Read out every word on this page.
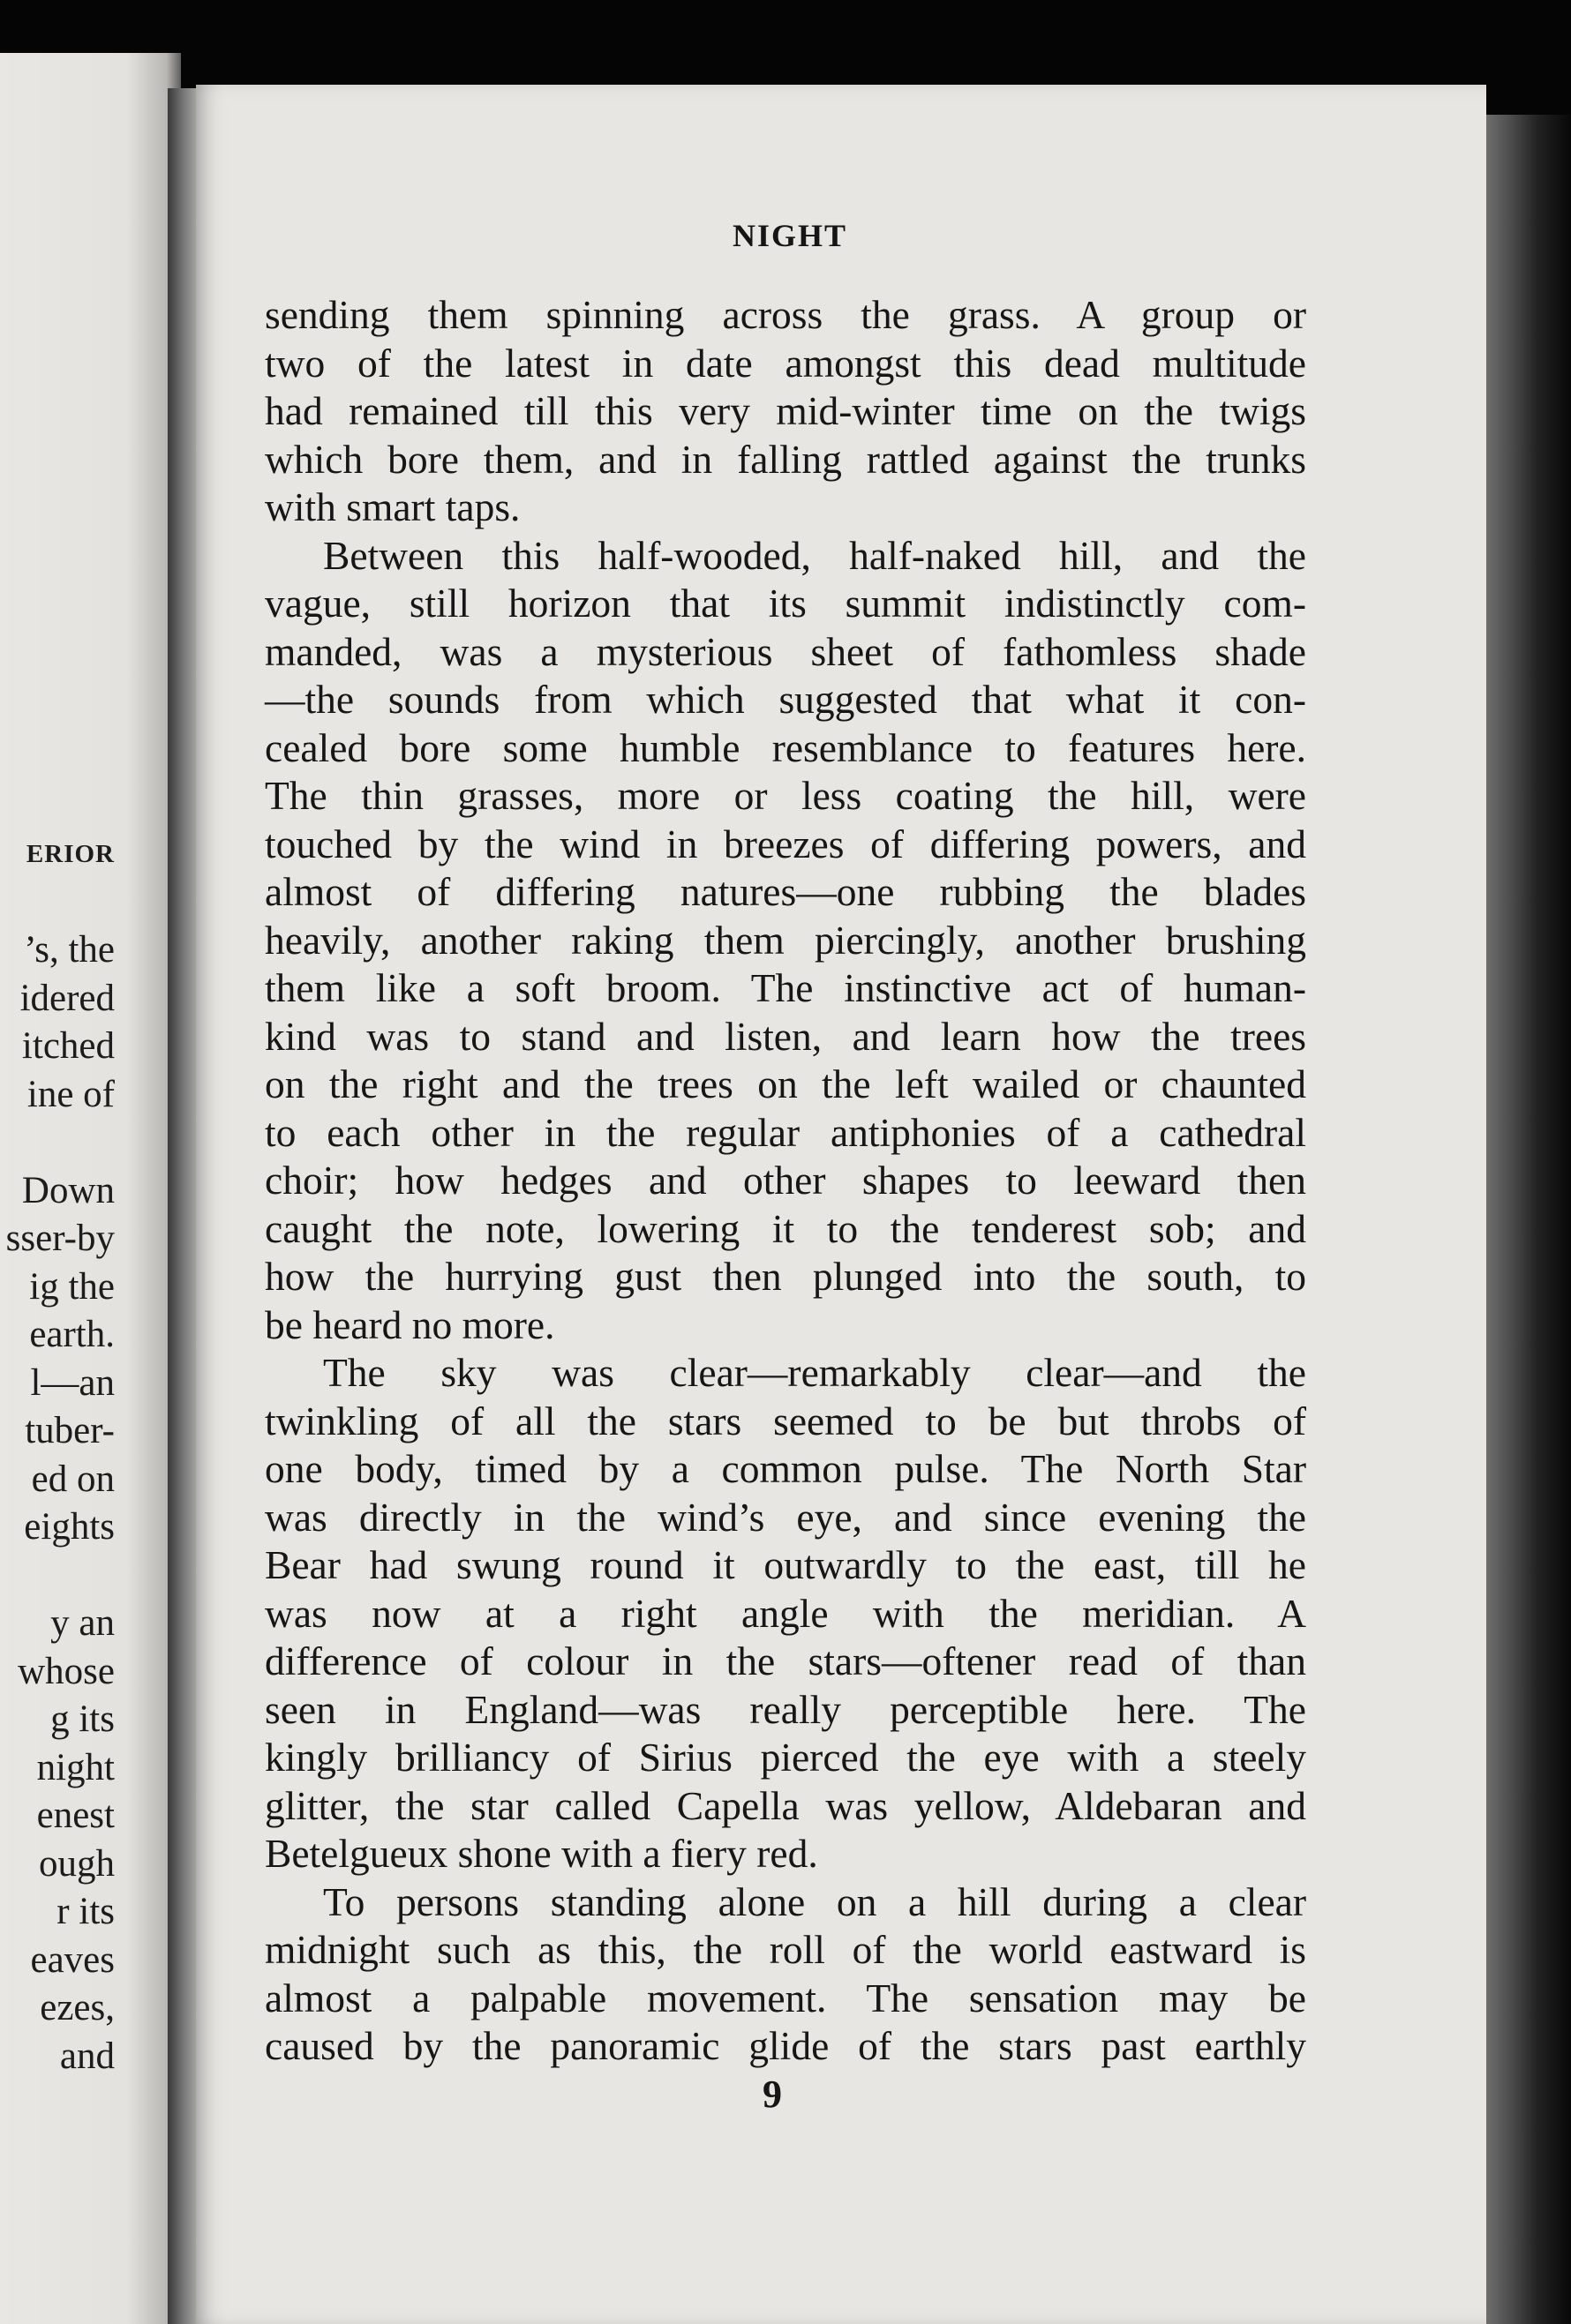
ERIOR
’s, the
idered
itched
ine of
Down
sser-by
ig the
earth.
l—an
tuber-
ed on
eights
y an
whose
g its
night
enest
ough
r its
eaves
ezes,
and
NIGHT
sending them spinning across the grass. A group or
two of the latest in date amongst this dead multitude
had remained till this very mid-winter time on the twigs
which bore them, and in falling rattled against the trunks
with smart taps.
Between this half-wooded, half-naked hill, and the
vague, still horizon that its summit indistinctly com-
manded, was a mysterious sheet of fathomless shade
—the sounds from which suggested that what it con-
cealed bore some humble resemblance to features here.
The thin grasses, more or less coating the hill, were
touched by the wind in breezes of differing powers, and
almost of differing natures—one rubbing the blades
heavily, another raking them piercingly, another brushing
them like a soft broom. The instinctive act of human-
kind was to stand and listen, and learn how the trees
on the right and the trees on the left wailed or chaunted
to each other in the regular antiphonies of a cathedral
choir; how hedges and other shapes to leeward then
caught the note, lowering it to the tenderest sob; and
how the hurrying gust then plunged into the south, to
be heard no more.
The sky was clear—remarkably clear—and the
twinkling of all the stars seemed to be but throbs of
one body, timed by a common pulse. The North Star
was directly in the wind’s eye, and since evening the
Bear had swung round it outwardly to the east, till he
was now at a right angle with the meridian. A
difference of colour in the stars—oftener read of than
seen in England—was really perceptible here. The
kingly brilliancy of Sirius pierced the eye with a steely
glitter, the star called Capella was yellow, Aldebaran and
Betelgueux shone with a fiery red.
To persons standing alone on a hill during a clear
midnight such as this, the roll of the world eastward is
almost a palpable movement. The sensation may be
caused by the panoramic glide of the stars past earthly
9
